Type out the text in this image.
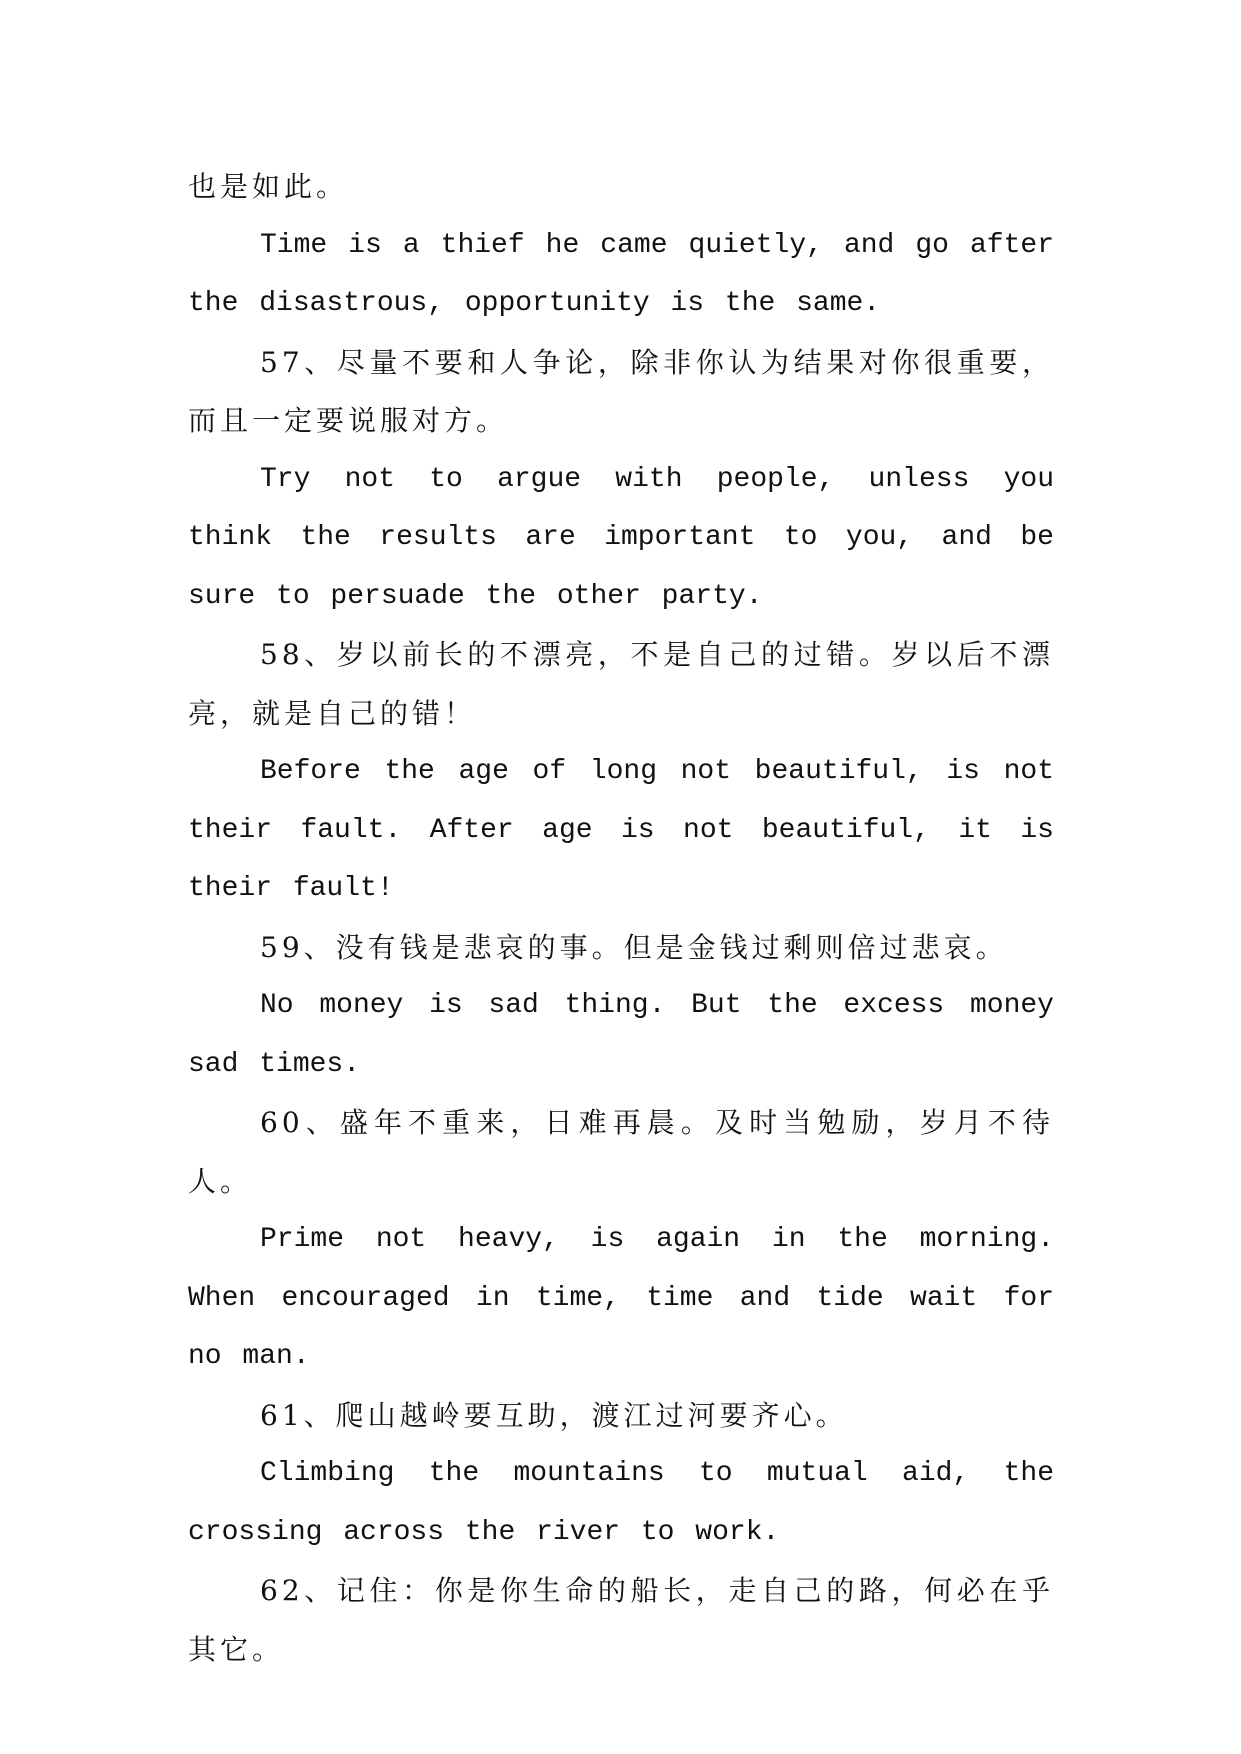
也是如此。

Time is a thief he came quietly, and go after the disastrous, opportunity is the same.

57、尽量不要和人争论，除非你认为结果对你很重要，而且一定要说服对方。

Try not to argue with people, unless you think the results are important to you, and be sure to persuade the other party.

58、岁以前长的不漂亮，不是自己的过错。岁以后不漂亮，就是自己的错！

Before the age of long not beautiful, is not their fault. After age is not beautiful, it is their fault!

59、没有钱是悲哀的事。但是金钱过剩则倍过悲哀。

No money is sad thing. But the excess money sad times.

60、盛年不重来，日难再晨。及时当勉励，岁月不待人。

Prime not heavy, is again in the morning. When encouraged in time, time and tide wait for no man.

61、爬山越岭要互助，渡江过河要齐心。

Climbing the mountains to mutual aid, the crossing across the river to work.

62、记住：你是你生命的船长，走自己的路，何必在乎其它。
